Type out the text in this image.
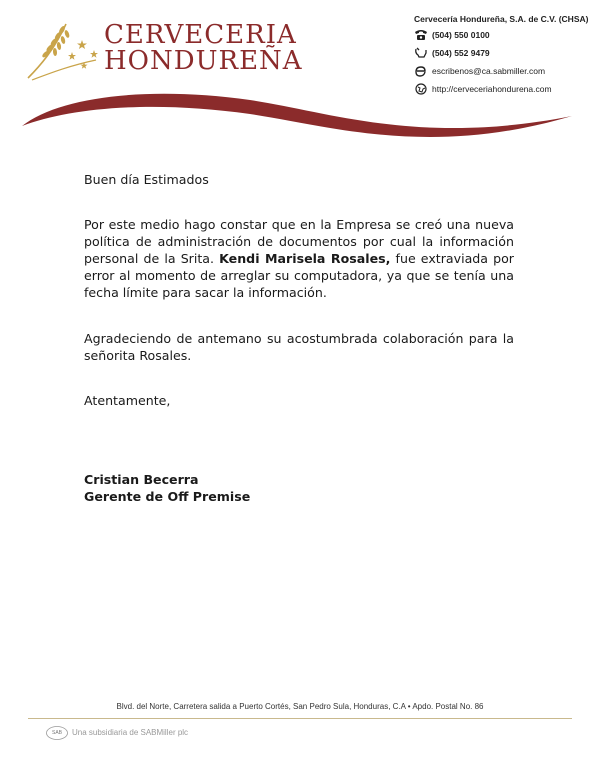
CERVECERIA
HONDUREÑA
Cervecería Hondureña, S.A. de C.V. (CHSA)
(504) 550 0100
(504) 552 9479
escribenos@ca.sabmiller.com
http://cerveceriahondurena.com

Buen día Estimados

Por este medio hago constar que en la Empresa se creó una nueva política de administración de documentos por cual la información personal de la Srita. Kendi Marisela Rosales, fue extraviada por error al momento de arreglar su computadora, ya que se tenía una fecha límite para sacar la información.

Agradeciendo de antemano su acostumbrada colaboración para la señorita Rosales.

Atentamente,

Cristian Becerra

Gerente de Off Premise

Blvd. del Norte, Carretera salida a Puerto Cortés, San Pedro Sula, Honduras, C.A • Apdo. Postal No. 86
SAB Una subsidiaria de SABMiller plc
